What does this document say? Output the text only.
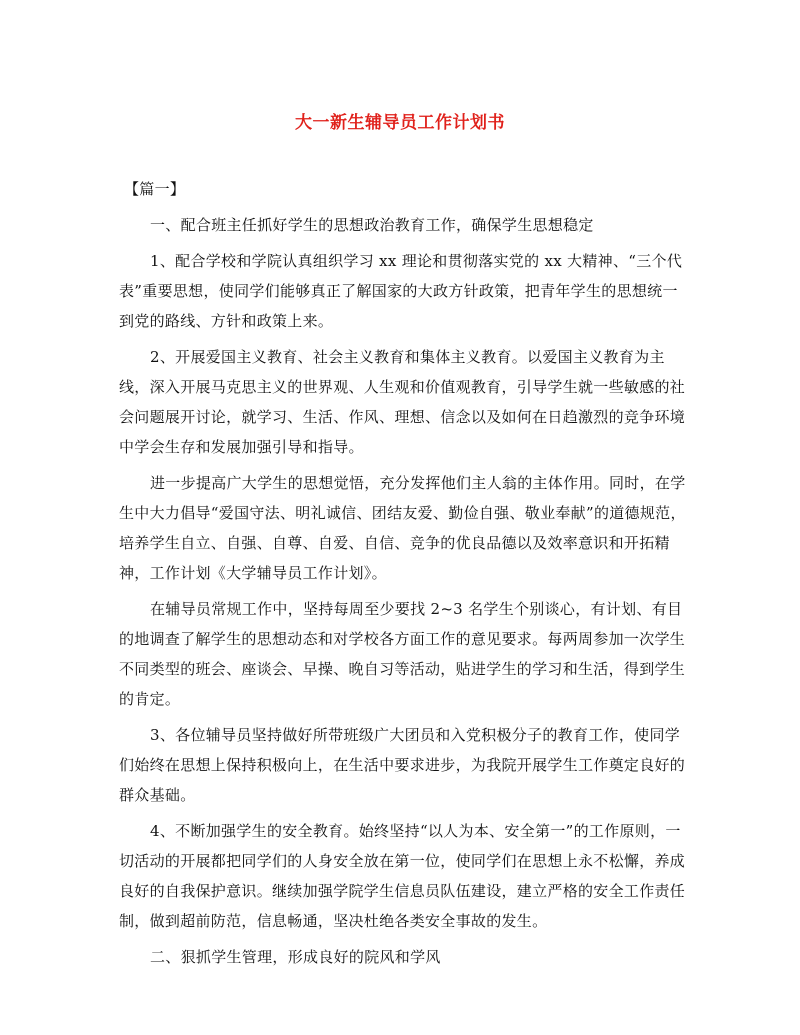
大一新生辅导员工作计划书

【篇一】

一、配合班主任抓好学生的思想政治教育工作，确保学生思想稳定

1、配合学校和学院认真组织学习 xx 理论和贯彻落实党的 xx 大精神、“三个代表”重要思想，使同学们能够真正了解国家的大政方针政策，把青年学生的思想统一到党的路线、方针和政策上来。

2、开展爱国主义教育、社会主义教育和集体主义教育。以爱国主义教育为主线，深入开展马克思主义的世界观、人生观和价值观教育，引导学生就一些敏感的社会问题展开讨论，就学习、生活、作风、理想、信念以及如何在日趋激烈的竞争环境中学会生存和发展加强引导和指导。

进一步提高广大学生的思想觉悟，充分发挥他们主人翁的主体作用。同时，在学生中大力倡导“爱国守法、明礼诚信、团结友爱、勤俭自强、敬业奉献”的道德规范，培养学生自立、自强、自尊、自爱、自信、竞争的优良品德以及效率意识和开拓精神，工作计划《大学辅导员工作计划》。

在辅导员常规工作中，坚持每周至少要找 2~3 名学生个别谈心，有计划、有目的地调查了解学生的思想动态和对学校各方面工作的意见要求。每两周参加一次学生不同类型的班会、座谈会、早操、晚自习等活动，贴进学生的学习和生活，得到学生的肯定。

3、各位辅导员坚持做好所带班级广大团员和入党积极分子的教育工作，使同学们始终在思想上保持积极向上，在生活中要求进步，为我院开展学生工作奠定良好的群众基础。

4、不断加强学生的安全教育。始终坚持“以人为本、安全第一”的工作原则，一切活动的开展都把同学们的人身安全放在第一位，使同学们在思想上永不松懈，养成良好的自我保护意识。继续加强学院学生信息员队伍建设，建立严格的安全工作责任制，做到超前防范，信息畅通，坚决杜绝各类安全事故的发生。

二、狠抓学生管理，形成良好的院风和学风
